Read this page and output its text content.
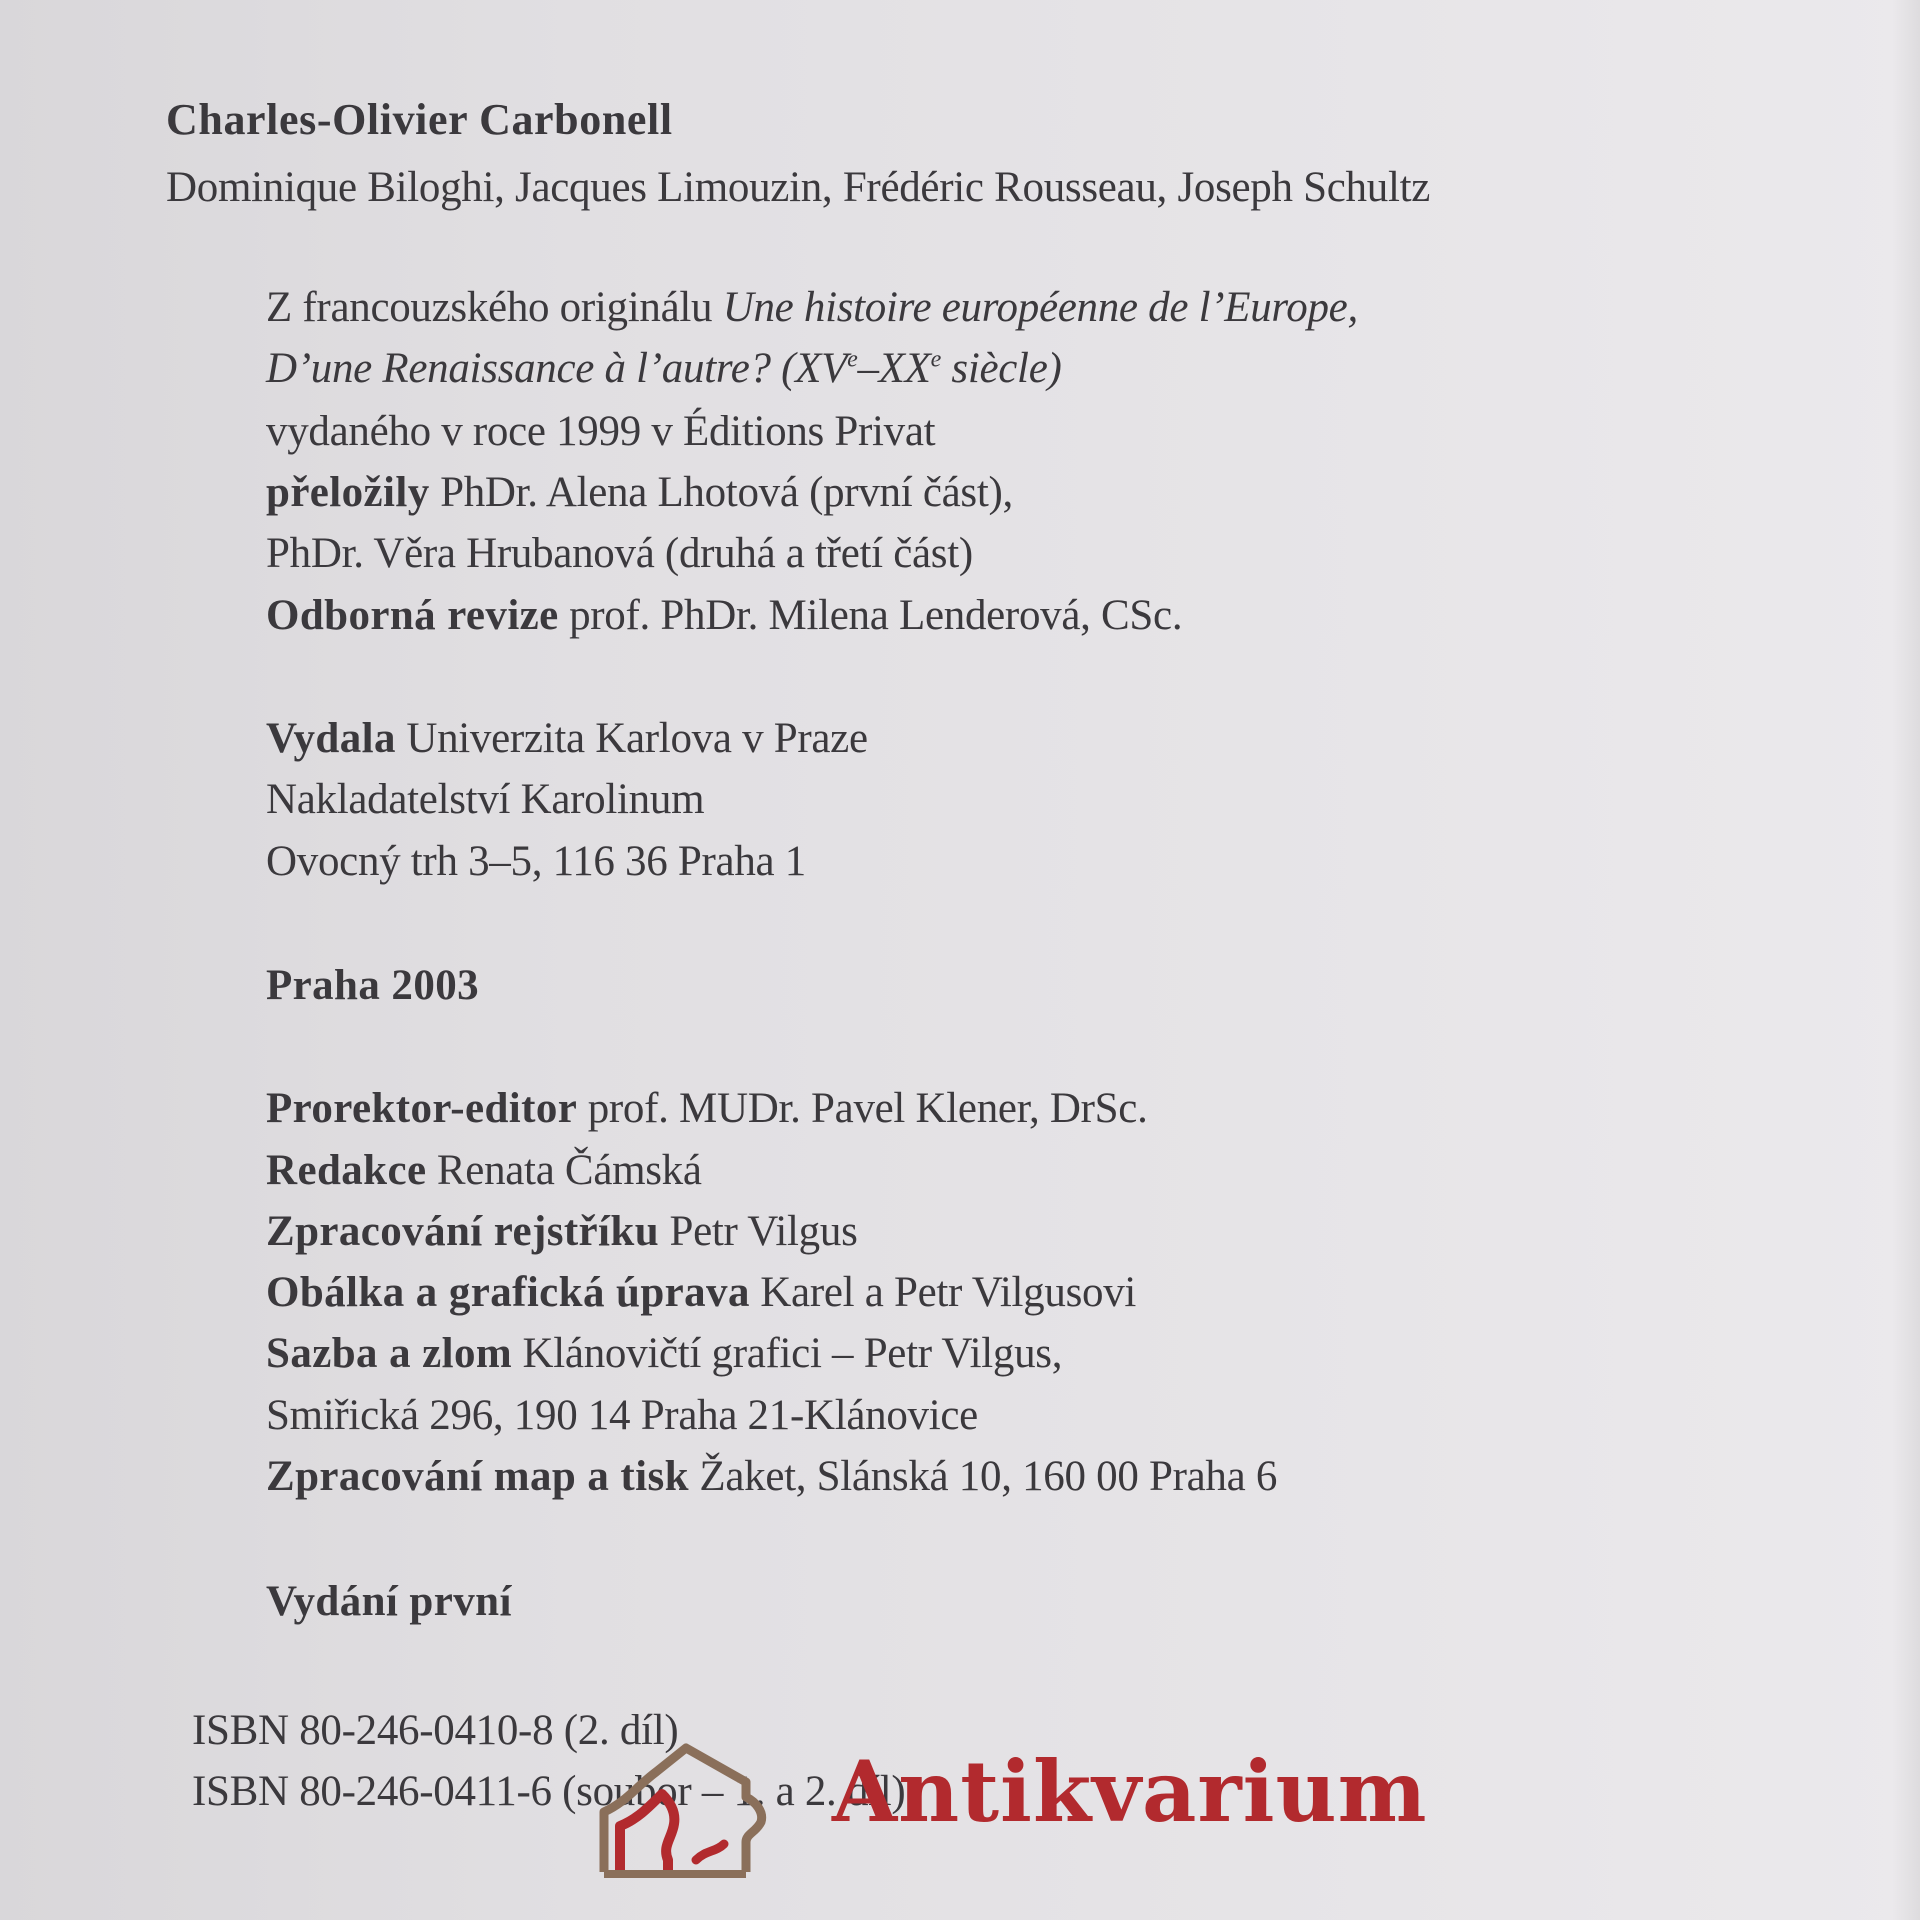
Charles-Olivier Carbonell
Dominique Biloghi, Jacques Limouzin, Frédéric Rousseau, Joseph Schultz
Z francouzského originálu Une histoire européenne de l’Europe,
D’une Renaissance à l’autre? (XVe–XXe siècle)
vydaného v roce 1999 v Éditions Privat
přeložily PhDr. Alena Lhotová (první část),
PhDr. Věra Hrubanová (druhá a třetí část)
Odborná revize prof. PhDr. Milena Lenderová, CSc.
Vydala Univerzita Karlova v Praze
Nakladatelství Karolinum
Ovocný trh 3–5, 116 36 Praha 1
Praha 2003
Prorektor-editor prof. MUDr. Pavel Klener, DrSc.
Redakce Renata Čámská
Zpracování rejstříku Petr Vilgus
Obálka a grafická úprava Karel a Petr Vilgusovi
Sazba a zlom Klánovičtí grafici – Petr Vilgus,
Smiřická 296, 190 14 Praha 21-Klánovice
Zpracování map a tisk Žaket, Slánská 10, 160 00 Praha 6
Vydání první
ISBN 80-246-0410-8 (2. díl)
ISBN 80-246-0411-6 (soubor – 1. a 2. díl)
Antikvarium
